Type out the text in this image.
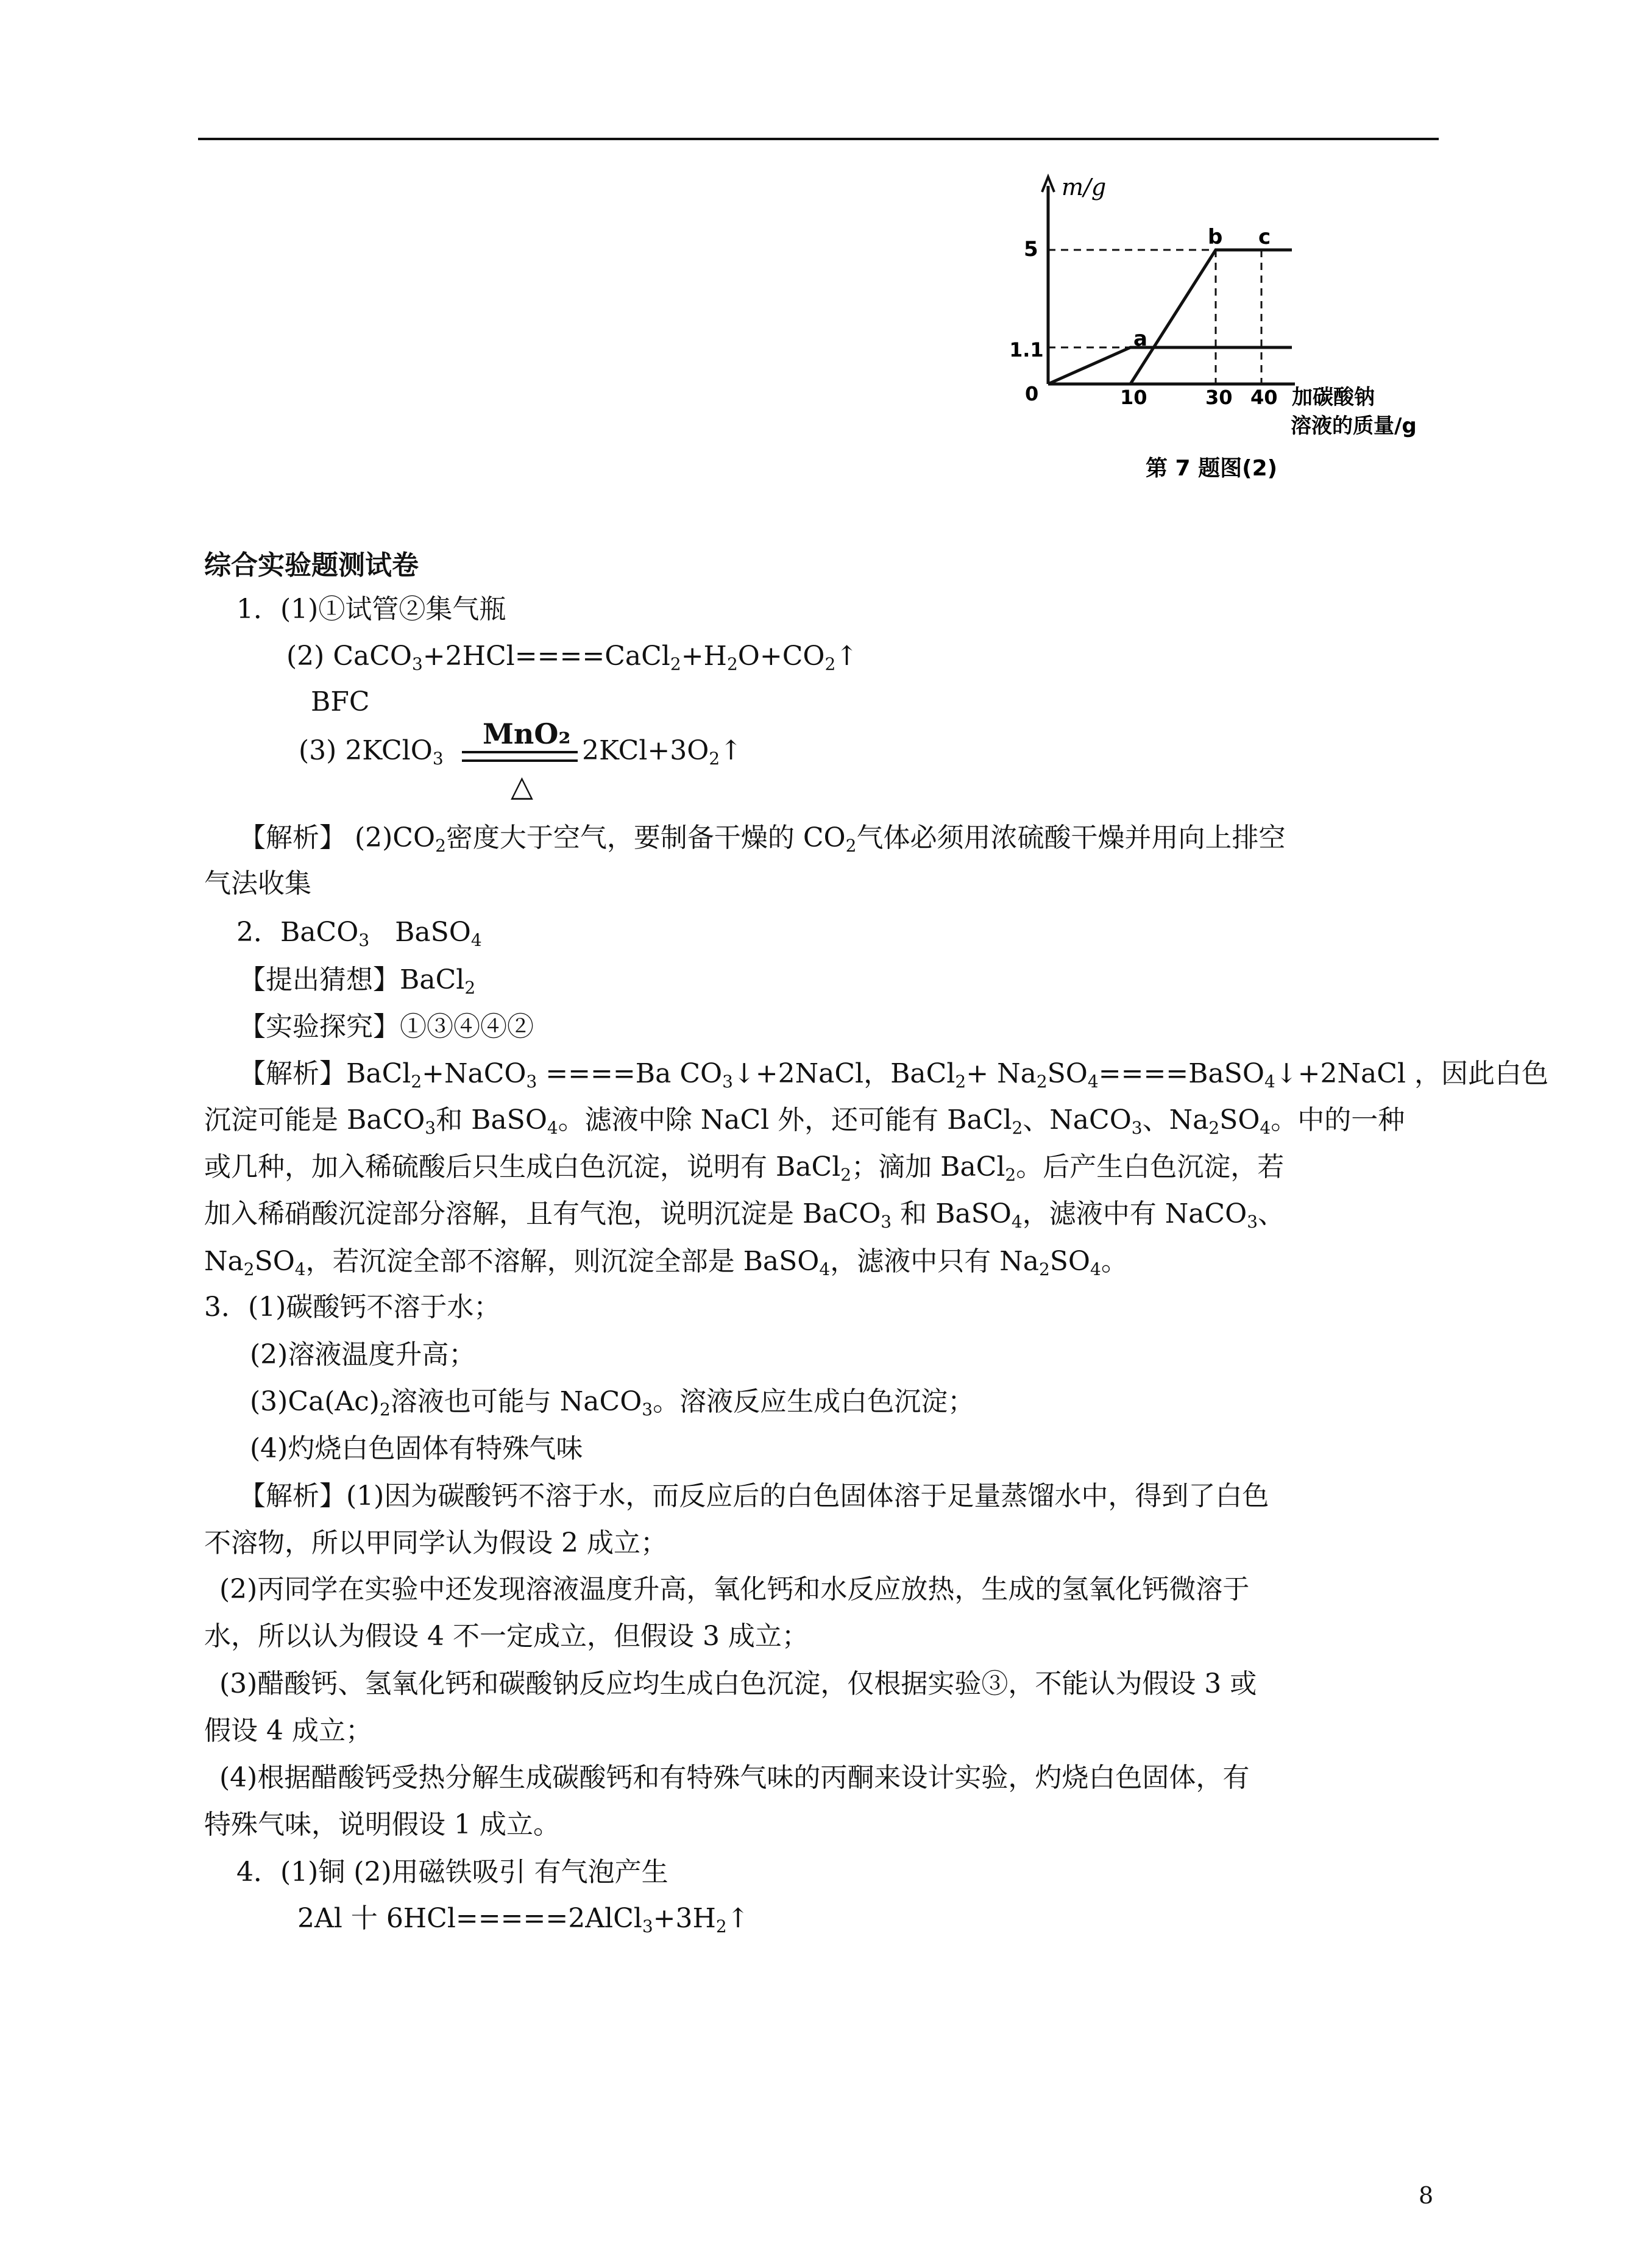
m/g
5
1.1
0	10	30 40 加碳酸钠
溶液的质量/g
a
b c
第 7 题图(2)
综合实验题测试卷
1．(1)①试管②集气瓶
(2) $CaCO_3+2HCl====CaCl_2+H_2O+CO_2↑$
BFC
(3) 2KClO$_3$
MnO₂
△
$2KCl+3O_2↑$
【解析】 $(2)CO_2$密度大于空气，要制备干燥的 $CO_2$气体必须用浓硫酸干燥并用向上排空
气法收集
2．BaCO$_3$   BaSO$_4$
【提出猜想】BaCl$_2$
【实验探究】①③④④②
【解析】BaCl$_2$+NaCO$_3$ ====Ba $CO_3↓+2NaCl$，BaCl$_2$+ $Na_2SO_4====BaSO_4↓+2NaCl$ ，因此白色
沉淀可能是 BaCO$_3$和 BaSO$_4$。滤液中除 NaCl 外，还可能有 BaCl$_2$、NaCO$_3$、$Na_2SO_4$。中的一种
或几种，加入稀硫酸后只生成白色沉淀，说明有 BaCl$_2$；滴加 BaCl$_2$。后产生白色沉淀，若
加入稀硝酸沉淀部分溶解，且有气泡，说明沉淀是 BaCO$_3$ 和 BaSO$_4$，滤液中有 NaCO$_3$、
$Na_2SO_4$，若沉淀全部不溶解，则沉淀全部是 BaSO$_4$，滤液中只有 $Na_2SO_4$。
3．(1)碳酸钙不溶于水；
(2)溶液温度升高；
$(3)Ca(Ac)_2$溶液也可能与 NaCO$_3$。溶液反应生成白色沉淀；
(4)灼烧白色固体有特殊气味
【解析】(1)因为碳酸钙不溶于水，而反应后的白色固体溶于足量蒸馏水中，得到了白色
不溶物，所以甲同学认为假设 2 成立；
(2)丙同学在实验中还发现溶液温度升高，氧化钙和水反应放热，生成的氢氧化钙微溶于
水，所以认为假设 4 不一定成立，但假设 3 成立；
(3)醋酸钙、氢氧化钙和碳酸钠反应均生成白色沉淀，仅根据实验③，不能认为假设 3 或
假设 4 成立；
(4)根据醋酸钙受热分解生成碳酸钙和有特殊气味的丙酮来设计实验，灼烧白色固体，有
特殊气味，说明假设 1 成立。
4．(1)铜 (2)用磁铁吸引 有气泡产生
2Al 十 $6HCl=====2AlCl_3+3H_2↑$
8
